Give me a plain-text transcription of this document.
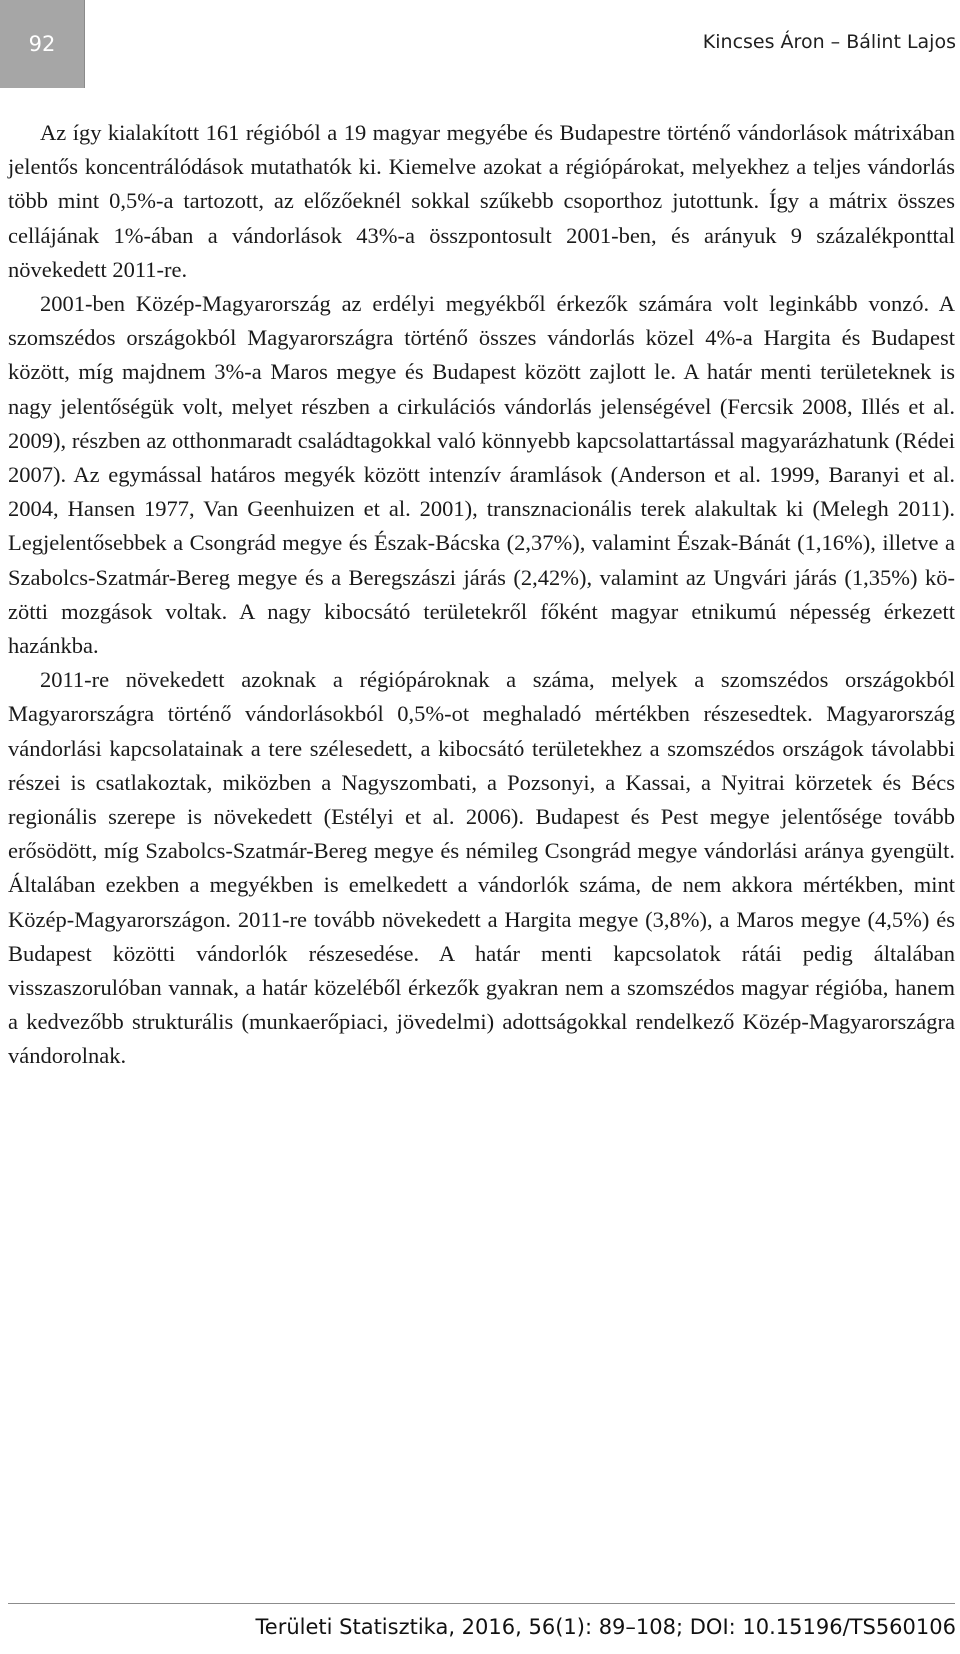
92	Kincses Áron – Bálint Lajos

Az így kialakított 161 régióból a 19 magyar megyébe és Budapestre történő vándorlások mátrixában jelentős koncentrálódások mutathatók ki. Kiemelve azokat a régiópárokat, melyekhez a teljes vándorlás több mint 0,5%-a tartozott, az előzőeknél sokkal szűkebb csoporthoz jutottunk. Így a mátrix összes cellájának 1%-ában a vándorlások 43%-a összpontosult 2001-ben, és arányuk 9 százalékponttal növekedett 2011-re.

2001-ben Közép-Magyarország az erdélyi megyékből érkezők számára volt leginkább vonzó. A szomszédos országokból Magyarországra történő összes vándorlás közel 4%-a Hargita és Budapest között, míg majdnem 3%-a Maros megye és Budapest között zajlott le. A határ menti területeknek is nagy jelentőségük volt, melyet részben a cirkulációs vándorlás jelenségével (Fercsik 2008, Illés et al. 2009), részben az otthonmaradt családtagokkal való könnyebb kapcsolattartással magyarázhatunk (Rédei 2007). Az egymással határos megyék között intenzív áramlások (Anderson et al. 1999, Baranyi et al. 2004, Hansen 1977, Van Geenhuizen et al. 2001), transznacionális terek alakultak ki (Melegh 2011). Legjelentősebbek a Csongrád megye és Észak-Bácska (2,37%), valamint Észak-Bánát (1,16%), illetve a Szabolcs-Szatmár-Bereg megye és a Beregszászi járás (2,42%), valamint az Ungvári járás (1,35%) közötti mozgások voltak. A nagy kibocsátó területekről főként magyar etnikumú népesség érkezett hazánkba.

2011-re növekedett azoknak a régiópároknak a száma, melyek a szomszédos országokból Magyarországra történő vándorlásokból 0,5%-ot meghaladó mértékben részesedtek. Magyarország vándorlási kapcsolatainak a tere szélesedett, a kibocsátó területekhez a szomszédos országok távolabbi részei is csatlakoztak, miközben a Nagyszombati, a Pozsonyi, a Kassai, a Nyitrai körzetek és Bécs regionális szerepe is növekedett (Estélyi et al. 2006). Budapest és Pest megye jelentősége tovább erősödött, míg Szabolcs-Szatmár-Bereg megye és némileg Csongrád megye vándorlási aránya gyengült. Általában ezekben a megyékben is emelkedett a vándorlók száma, de nem akkora mértékben, mint Közép-Magyarországon. 2011-re tovább növekedett a Hargita megye (3,8%), a Maros megye (4,5%) és Budapest közötti vándorlók részesedése. A határ menti kapcsolatok rátái pedig általában visszaszorulóban vannak, a határ közeléből érkezők gyakran nem a szomszédos magyar régióba, hanem a kedvezőbb strukturális (munkaerőpiaci, jövedelmi) adottságokkal rendelkező Közép-Magyarországra vándorolnak.

Területi Statisztika, 2016, 56(1): 89–108; DOI: 10.15196/TS560106
